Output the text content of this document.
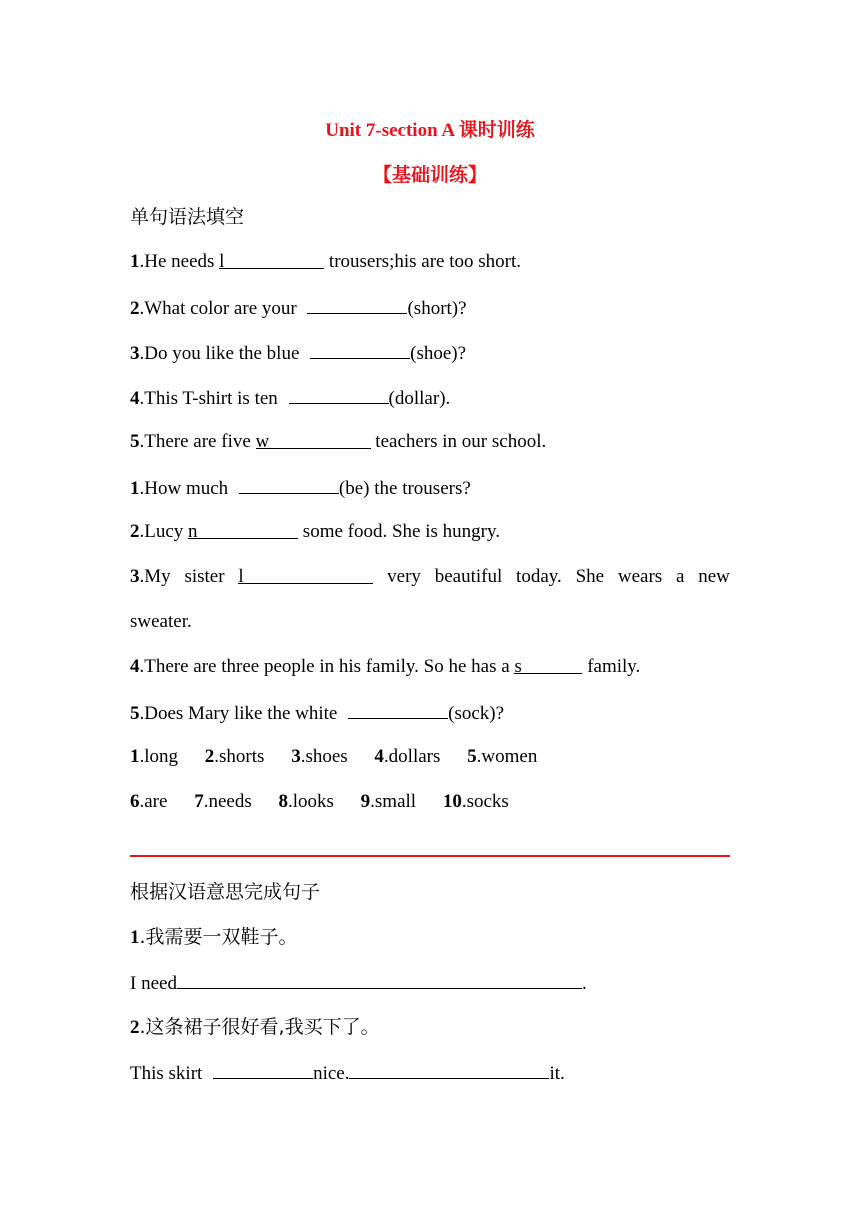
Unit 7-section A 课时训练
【基础训练】
单句语法填空
1.He needs l	trousers;his are too short.
2.What color are your	(short)?
3.Do you like the blue	(shoe)?
4.This T-shirt is ten	(dollar).
5.There are five w	teachers in our school.
1.How much	(be) the trousers?
2.Lucy n	some food. She is hungry.
3.My sister l	very beautiful today. She wears a new
sweater.
4.There are three people in his family. So he has a s	family.
5.Does Mary like the white	(sock)?
1.long 2.shorts 3.shoes 4.dollars 5.women
6.are 7.needs 8.looks 9.small 10.socks
根据汉语意思完成句子
1.我需要一双鞋子。
I need	.
2.这条裙子很好看,我买下了。
This skirt	nice.	it.
